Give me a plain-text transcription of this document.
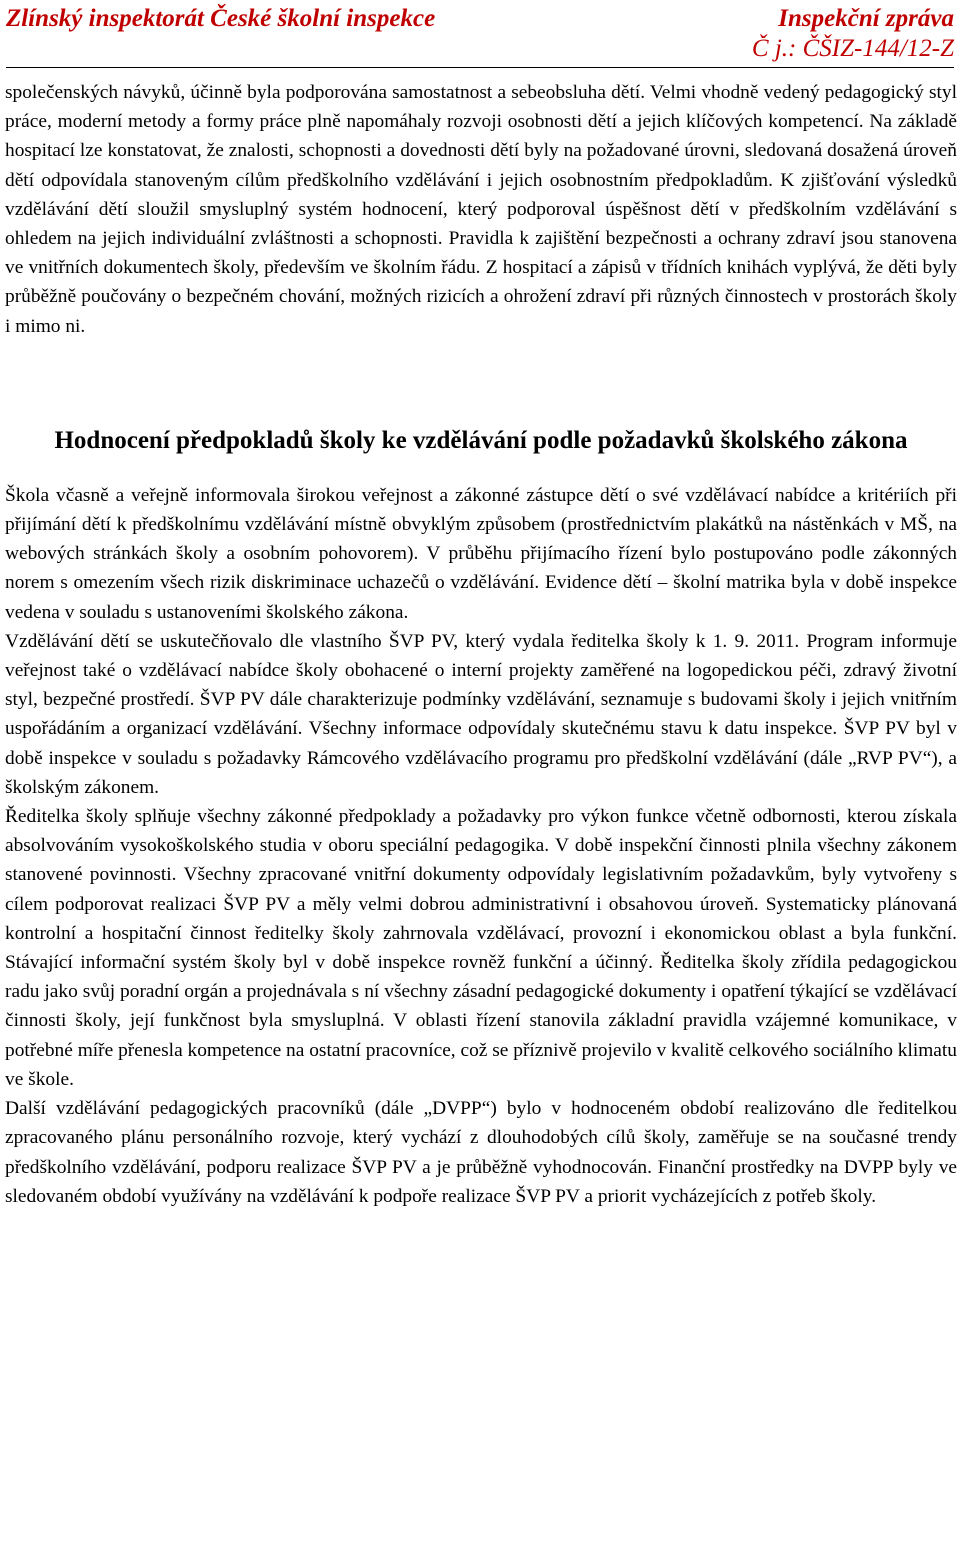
Zlínský inspektorát České školní inspekce	Inspekční zpráva
Č j.: ČŠIZ-144/12-Z

společenských návyků, účinně byla podporována samostatnost a sebeobsluha dětí. Velmi vhodně vedený pedagogický styl práce, moderní metody a formy práce plně napomáhaly rozvoji osobnosti dětí a jejich klíčových kompetencí. Na základě hospitací lze konstatovat, že znalosti, schopnosti a dovednosti dětí byly na požadované úrovni, sledovaná dosažená úroveň dětí odpovídala stanoveným cílům předškolního vzdělávání i jejich osobnostním předpokladům. K zjišťování výsledků vzdělávání dětí sloužil smysluplný systém hodnocení, který podporoval úspěšnost dětí v předškolním vzdělávání s ohledem na jejich individuální zvláštnosti a schopnosti. Pravidla k zajištění bezpečnosti a ochrany zdraví jsou stanovena ve vnitřních dokumentech školy, především ve školním řádu. Z hospitací a zápisů v třídních knihách vyplývá, že děti byly průběžně poučovány o bezpečném chování, možných rizicích a ohrožení zdraví při různých činnostech v prostorách školy i mimo ni.

Hodnocení předpokladů školy ke vzdělávání podle požadavků školského zákona

Škola včasně a veřejně informovala širokou veřejnost a zákonné zástupce dětí o své vzdělávací nabídce a kritériích při přijímání dětí k předškolnímu vzdělávání místně obvyklým způsobem (prostřednictvím plakátků na nástěnkách v MŠ, na webových stránkách školy a osobním pohovorem). V průběhu přijímacího řízení bylo postupováno podle zákonných norem s omezením všech rizik diskriminace uchazečů o vzdělávání. Evidence dětí – školní matrika byla v době inspekce vedena v souladu s ustanoveními školského zákona.

Vzdělávání dětí se uskutečňovalo dle vlastního ŠVP PV, který vydala ředitelka školy k 1. 9. 2011. Program informuje veřejnost také o vzdělávací nabídce školy obohacené o interní projekty zaměřené na logopedickou péči, zdravý životní styl, bezpečné prostředí. ŠVP PV dále charakterizuje podmínky vzdělávání, seznamuje s budovami školy i jejich vnitřním uspořádáním a organizací vzdělávání. Všechny informace odpovídaly skutečnému stavu k datu inspekce. ŠVP PV byl v době inspekce v souladu s požadavky Rámcového vzdělávacího programu pro předškolní vzdělávání (dále „RVP PV“), a školským zákonem.

Ředitelka školy splňuje všechny zákonné předpoklady a požadavky pro výkon funkce včetně odbornosti, kterou získala absolvováním vysokoškolského studia v oboru speciální pedagogika. V době inspekční činnosti plnila všechny zákonem stanovené povinnosti. Všechny zpracované vnitřní dokumenty odpovídaly legislativním požadavkům, byly vytvořeny s cílem podporovat realizaci ŠVP PV a měly velmi dobrou administrativní i obsahovou úroveň. Systematicky plánovaná kontrolní a hospitační činnost ředitelky školy zahrnovala vzdělávací, provozní i ekonomickou oblast a byla funkční. Stávající informační systém školy byl v době inspekce rovněž funkční a účinný. Ředitelka školy zřídila pedagogickou radu jako svůj poradní orgán a projednávala s ní všechny zásadní pedagogické dokumenty i opatření týkající se vzdělávací činnosti školy, její funkčnost byla smysluplná. V oblasti řízení stanovila základní pravidla vzájemné komunikace, v potřebné míře přenesla kompetence na ostatní pracovníce, což se příznivě projevilo v kvalitě celkového sociálního klimatu ve škole.

Další vzdělávání pedagogických pracovníků (dále „DVPP“) bylo v hodnoceném období realizováno dle ředitelkou zpracovaného plánu personálního rozvoje, který vychází z dlouhodobých cílů školy, zaměřuje se na současné trendy předškolního vzdělávání, podporu realizace ŠVP PV a je průběžně vyhodnocován. Finanční prostředky na DVPP byly ve sledovaném období využívány na vzdělávání k podpoře realizace ŠVP PV a priorit vycházejících z potřeb školy.
